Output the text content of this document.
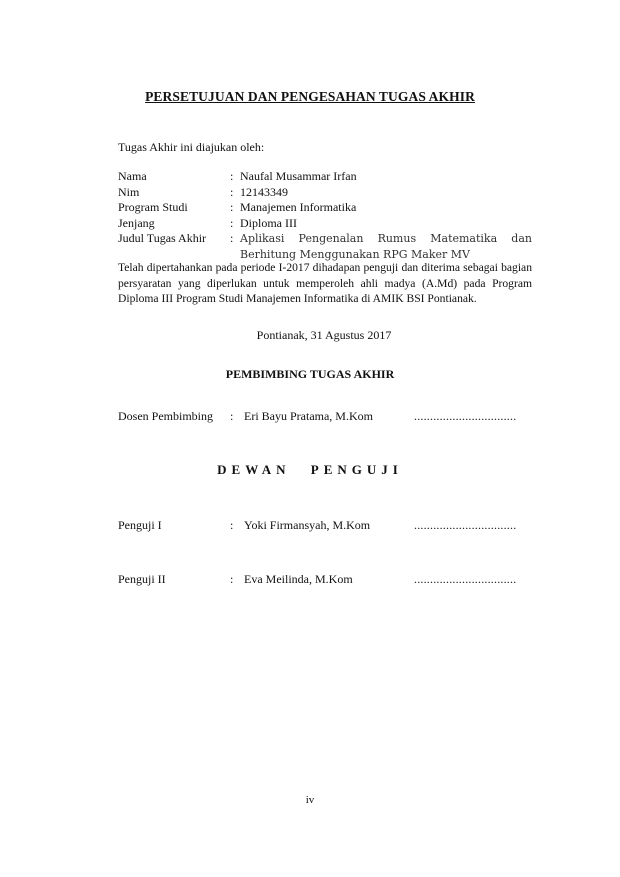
PERSETUJUAN DAN PENGESAHAN TUGAS AKHIR
Tugas Akhir ini diajukan oleh:
Nama	: Naufal Musammar Irfan
Nim	: 12143349
Program Studi	: Manajemen Informatika
Jenjang	: Diploma III
Judul Tugas Akhir	: Aplikasi Pengenalan Rumus Matematika dan Berhitung Menggunakan RPG Maker MV
Telah dipertahankan pada periode I-2017 dihadapan penguji dan diterima sebagai bagian persyaratan yang diperlukan untuk memperoleh ahli madya (A.Md) pada Program Diploma III Program Studi Manajemen Informatika di AMIK BSI Pontianak.
Pontianak, 31 Agustus 2017
PEMBIMBING TUGAS AKHIR
Dosen Pembimbing	: Eri Bayu Pratama, M.Kom	................................
DEWAN PENGUJI
Penguji I	: Yoki Firmansyah, M.Kom	................................
Penguji II	: Eva Meilinda, M.Kom	................................
iv
